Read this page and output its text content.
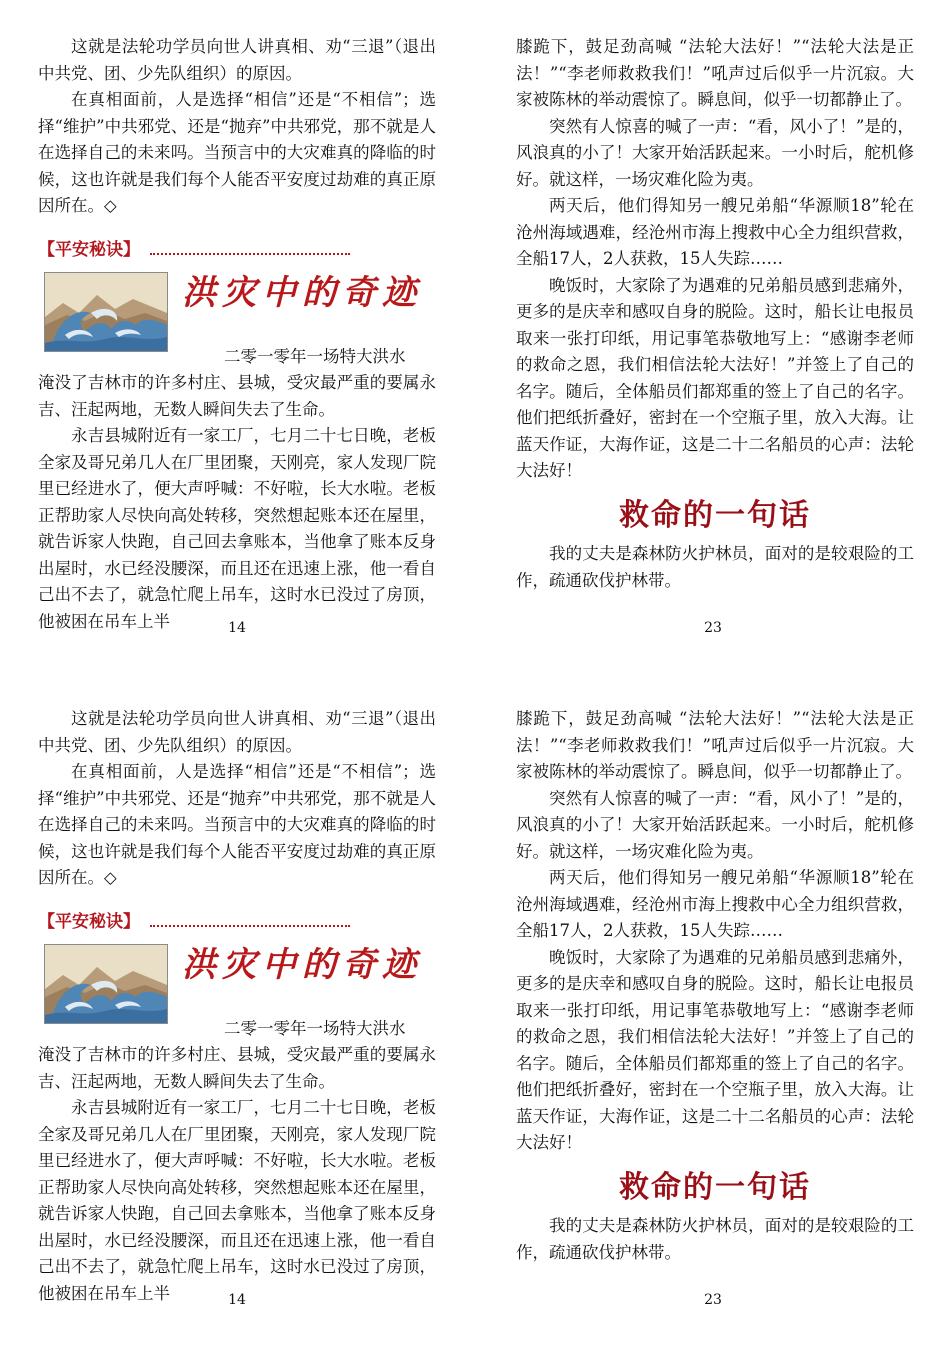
这就是法轮功学员向世人讲真相、劝“三退”（退出中共党、团、少先队组织）的原因。

在真相面前，人是选择“相信”还是“不相信”；选择“维护”中共邪党、还是“抛弃”中共邪党，那不就是人在选择自己的未来吗。当预言中的大灾难真的降临的时候，这也许就是我们每个人能否平安度过劫难的真正原因所在。◇

【平安秘诀】
洪灾中的奇迹

二零一零年一场特大洪水

淹没了吉林市的许多村庄、县城，受灾最严重的要属永吉、汪起两地，无数人瞬间失去了生命。

永吉县城附近有一家工厂，七月二十七日晚，老板全家及哥兄弟几人在厂里团聚，天刚亮，家人发现厂院里已经进水了，便大声呼喊：不好啦，长大水啦。老板正帮助家人尽快向高处转移，突然想起账本还在屋里，就告诉家人快跑，自己回去拿账本，当他拿了账本反身出屋时，水已经没腰深，而且还在迅速上涨，他一看自己出不去了，就急忙爬上吊车，这时水已没过了房顶，他被困在吊车上半

膝跪下，鼓足劲高喊 “法轮大法好！”“法轮大法是正法！”“李老师救救我们！”吼声过后似乎一片沉寂。大家被陈林的举动震惊了。瞬息间，似乎一切都静止了。

突然有人惊喜的喊了一声：“看，风小了！”是的，风浪真的小了！大家开始活跃起来。一小时后，舵机修好。就这样，一场灾难化险为夷。

两天后，他们得知另一艘兄弟船“华源顺18”轮在沧州海域遇难，经沧州市海上搜救中心全力组织营救，全船17人，2人获救，15人失踪……

晚饭时，大家除了为遇难的兄弟船员感到悲痛外，更多的是庆幸和感叹自身的脱险。这时，船长让电报员取来一张打印纸，用记事笔恭敬地写上：“感谢李老师的救命之恩，我们相信法轮大法好！”并签上了自己的名字。随后，全体船员们都郑重的签上了自己的名字。他们把纸折叠好，密封在一个空瓶子里，放入大海。让蓝天作证，大海作证，这是二十二名船员的心声：法轮大法好！

救命的一句话

我的丈夫是森林防火护林员，面对的是较艰险的工作，疏通砍伐护林带。

14	23

这就是法轮功学员向世人讲真相、劝“三退”（退出中共党、团、少先队组织）的原因。

在真相面前，人是选择“相信”还是“不相信”；选择“维护”中共邪党、还是“抛弃”中共邪党，那不就是人在选择自己的未来吗。当预言中的大灾难真的降临的时候，这也许就是我们每个人能否平安度过劫难的真正原因所在。◇

【平安秘诀】
洪灾中的奇迹

二零一零年一场特大洪水

淹没了吉林市的许多村庄、县城，受灾最严重的要属永吉、汪起两地，无数人瞬间失去了生命。

永吉县城附近有一家工厂，七月二十七日晚，老板全家及哥兄弟几人在厂里团聚，天刚亮，家人发现厂院里已经进水了，便大声呼喊：不好啦，长大水啦。老板正帮助家人尽快向高处转移，突然想起账本还在屋里，就告诉家人快跑，自己回去拿账本，当他拿了账本反身出屋时，水已经没腰深，而且还在迅速上涨，他一看自己出不去了，就急忙爬上吊车，这时水已没过了房顶，他被困在吊车上半

膝跪下，鼓足劲高喊 “法轮大法好！”“法轮大法是正法！”“李老师救救我们！”吼声过后似乎一片沉寂。大家被陈林的举动震惊了。瞬息间，似乎一切都静止了。

突然有人惊喜的喊了一声：“看，风小了！”是的，风浪真的小了！大家开始活跃起来。一小时后，舵机修好。就这样，一场灾难化险为夷。

两天后，他们得知另一艘兄弟船“华源顺18”轮在沧州海域遇难，经沧州市海上搜救中心全力组织营救，全船17人，2人获救，15人失踪……

晚饭时，大家除了为遇难的兄弟船员感到悲痛外，更多的是庆幸和感叹自身的脱险。这时，船长让电报员取来一张打印纸，用记事笔恭敬地写上：“感谢李老师的救命之恩，我们相信法轮大法好！”并签上了自己的名字。随后，全体船员们都郑重的签上了自己的名字。他们把纸折叠好，密封在一个空瓶子里，放入大海。让蓝天作证，大海作证，这是二十二名船员的心声：法轮大法好！

救命的一句话

我的丈夫是森林防火护林员，面对的是较艰险的工作，疏通砍伐护林带。

14	23
